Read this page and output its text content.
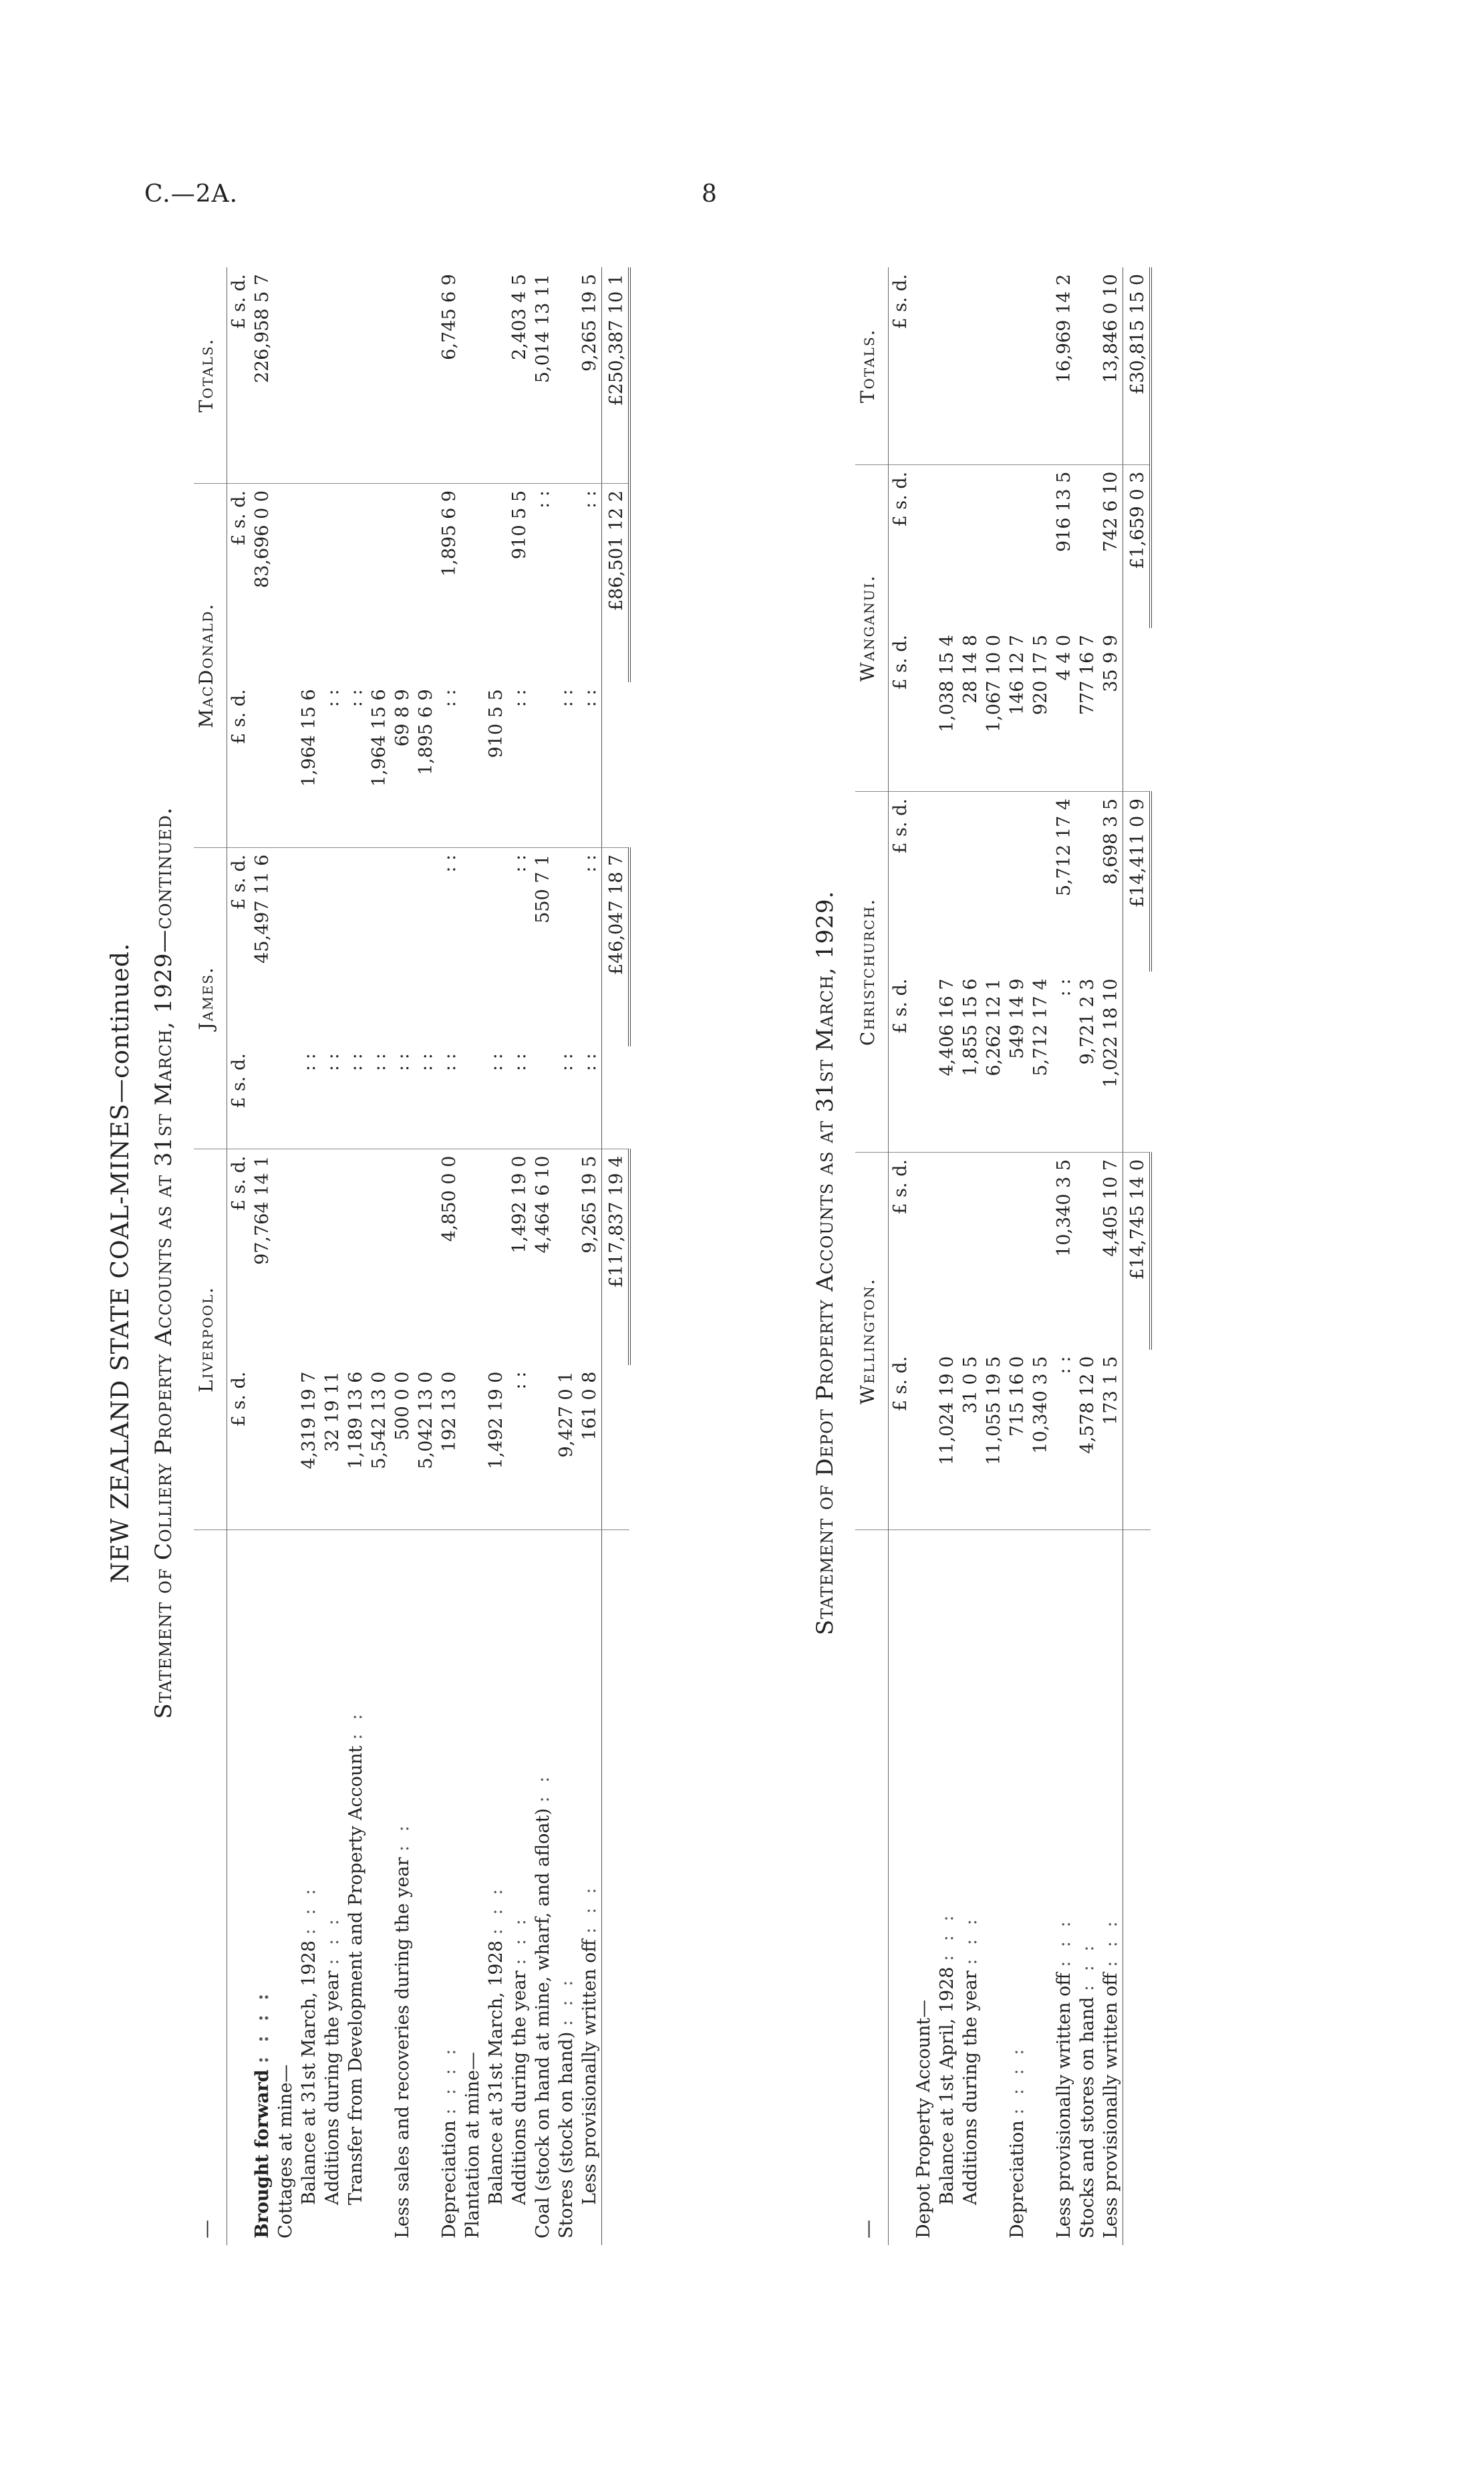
C.—2A.	8
NEW ZEALAND STATE COAL-MINES—continued. Statement of Colliery Property Accounts as at 31st March, 1929—continued.
—	Liverpool.		James.		MacDonald.		Totals.
	£ s. d.	£ s. d.	£ s. d.	£ s. d.	£ s. d.	£ s. d.	£ s. d.
Brought forward : : : :		97,764 14 1		45,497 11 6		83,696 0 0	226,958 5 7
Cottages at mine—							
Balance at 31st March, 1928 : : :	4,319 19 7		: :		1,964 15 6		
Additions during the year : : :	32 19 11		: :		: :		
Transfer from Development and Property Account : :	1,189 13 6		: :		: :		
	5,542 13 0		: :		1,964 15 6		
Less sales and recoveries during the year : :	500 0 0		: :		69 8 9		
	5,042 13 0		: :		1,895 6 9		
Depreciation : : : :	192 13 0	4,850 0 0	: :	: :	: :	1,895 6 9	6,745 6 9
Plantation at mine—							
Balance at 31st March, 1928 : : :	1,492 19 0		: :		910 5 5		
Additions during the year : : :	: :	1,492 19 0	: :	: :	: :	910 5 5	2,403 4 5
Coal (stock on hand at mine, wharf, and afloat) : :		4,464 6 10		550 7 1		: :	5,014 13 11
Stores (stock on hand) : : :	9,427 0 1		: :		: :		
Less provisionally written off : : :	161 0 8	9,265 19 5	: :	: :	: :	: :	9,265 19 5
		£117,837 19 4		£46,047 18 7		£86,501 12 2	£250,387 10 1
Statement of Depot Property Accounts as at 31st March, 1929.
—	Wellington.		Christchurch.		Wanganui.		Totals.
	£ s. d.	£ s. d.	£ s. d.	£ s. d.	£ s. d.	£ s. d.	£ s. d.
Depot Property Account—							
Balance at 1st April, 1928 : : :	11,024 19 0		4,406 16 7		1,038 15 4		
Additions during the year : : :	31 0 5		1,855 15 6		28 14 8		
	11,055 19 5		6,262 12 1		1,067 10 0		
Depreciation : : : :	715 16 0		549 14 9		146 12 7		
	10,340 3 5		5,712 17 4		920 17 5		
Less provisionally written off : : :	: :	10,340 3 5	: :	5,712 17 4	4 4 0	916 13 5	16,969 14 2
Stocks and stores on hand : : :	4,578 12 0		9,721 2 3		777 16 7		
Less provisionally written off : : :	173 1 5	4,405 10 7	1,022 18 10	8,698 3 5	35 9 9	742 6 10	13,846 0 10
		£14,745 14 0		£14,411 0 9		£1,659 0 3	£30,815 15 0
